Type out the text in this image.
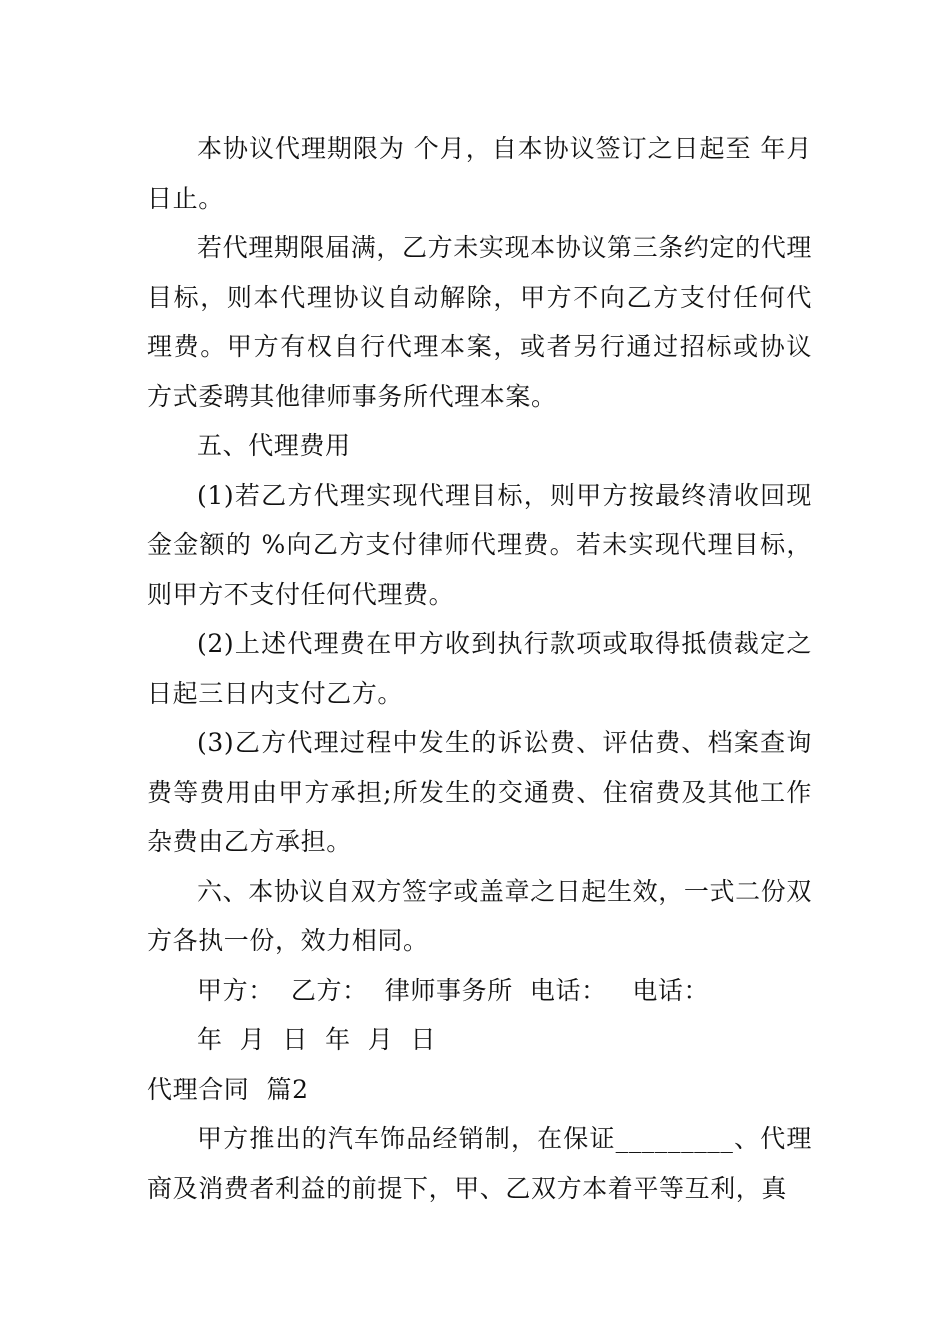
本协议代理期限为 个月，自本协议签订之日起至 年月 日止。

若代理期限届满，乙方未实现本协议第三条约定的代理目标，则本代理协议自动解除，甲方不向乙方支付任何代理费。甲方有权自行代理本案，或者另行通过招标或协议方式委聘其他律师事务所代理本案。

五、代理费用

(1)若乙方代理实现代理目标，则甲方按最终清收回现金金额的 %向乙方支付律师代理费。若未实现代理目标，则甲方不支付任何代理费。

(2)上述代理费在甲方收到执行款项或取得抵债裁定之日起三日内支付乙方。

(3)乙方代理过程中发生的诉讼费、评估费、档案查询费等费用由甲方承担;所发生的交通费、住宿费及其他工作杂费由乙方承担。

六、本协议自双方签字或盖章之日起生效，一式二份双方各执一份，效力相同。

甲方：  乙方：  律师事务所  电话：   电话：

年  月  日  年  月  日

代理合同  篇2

甲方推出的汽车饰品经销制，在保证_________、代理商及消费者利益的前提下，甲、乙双方本着平等互利，真
